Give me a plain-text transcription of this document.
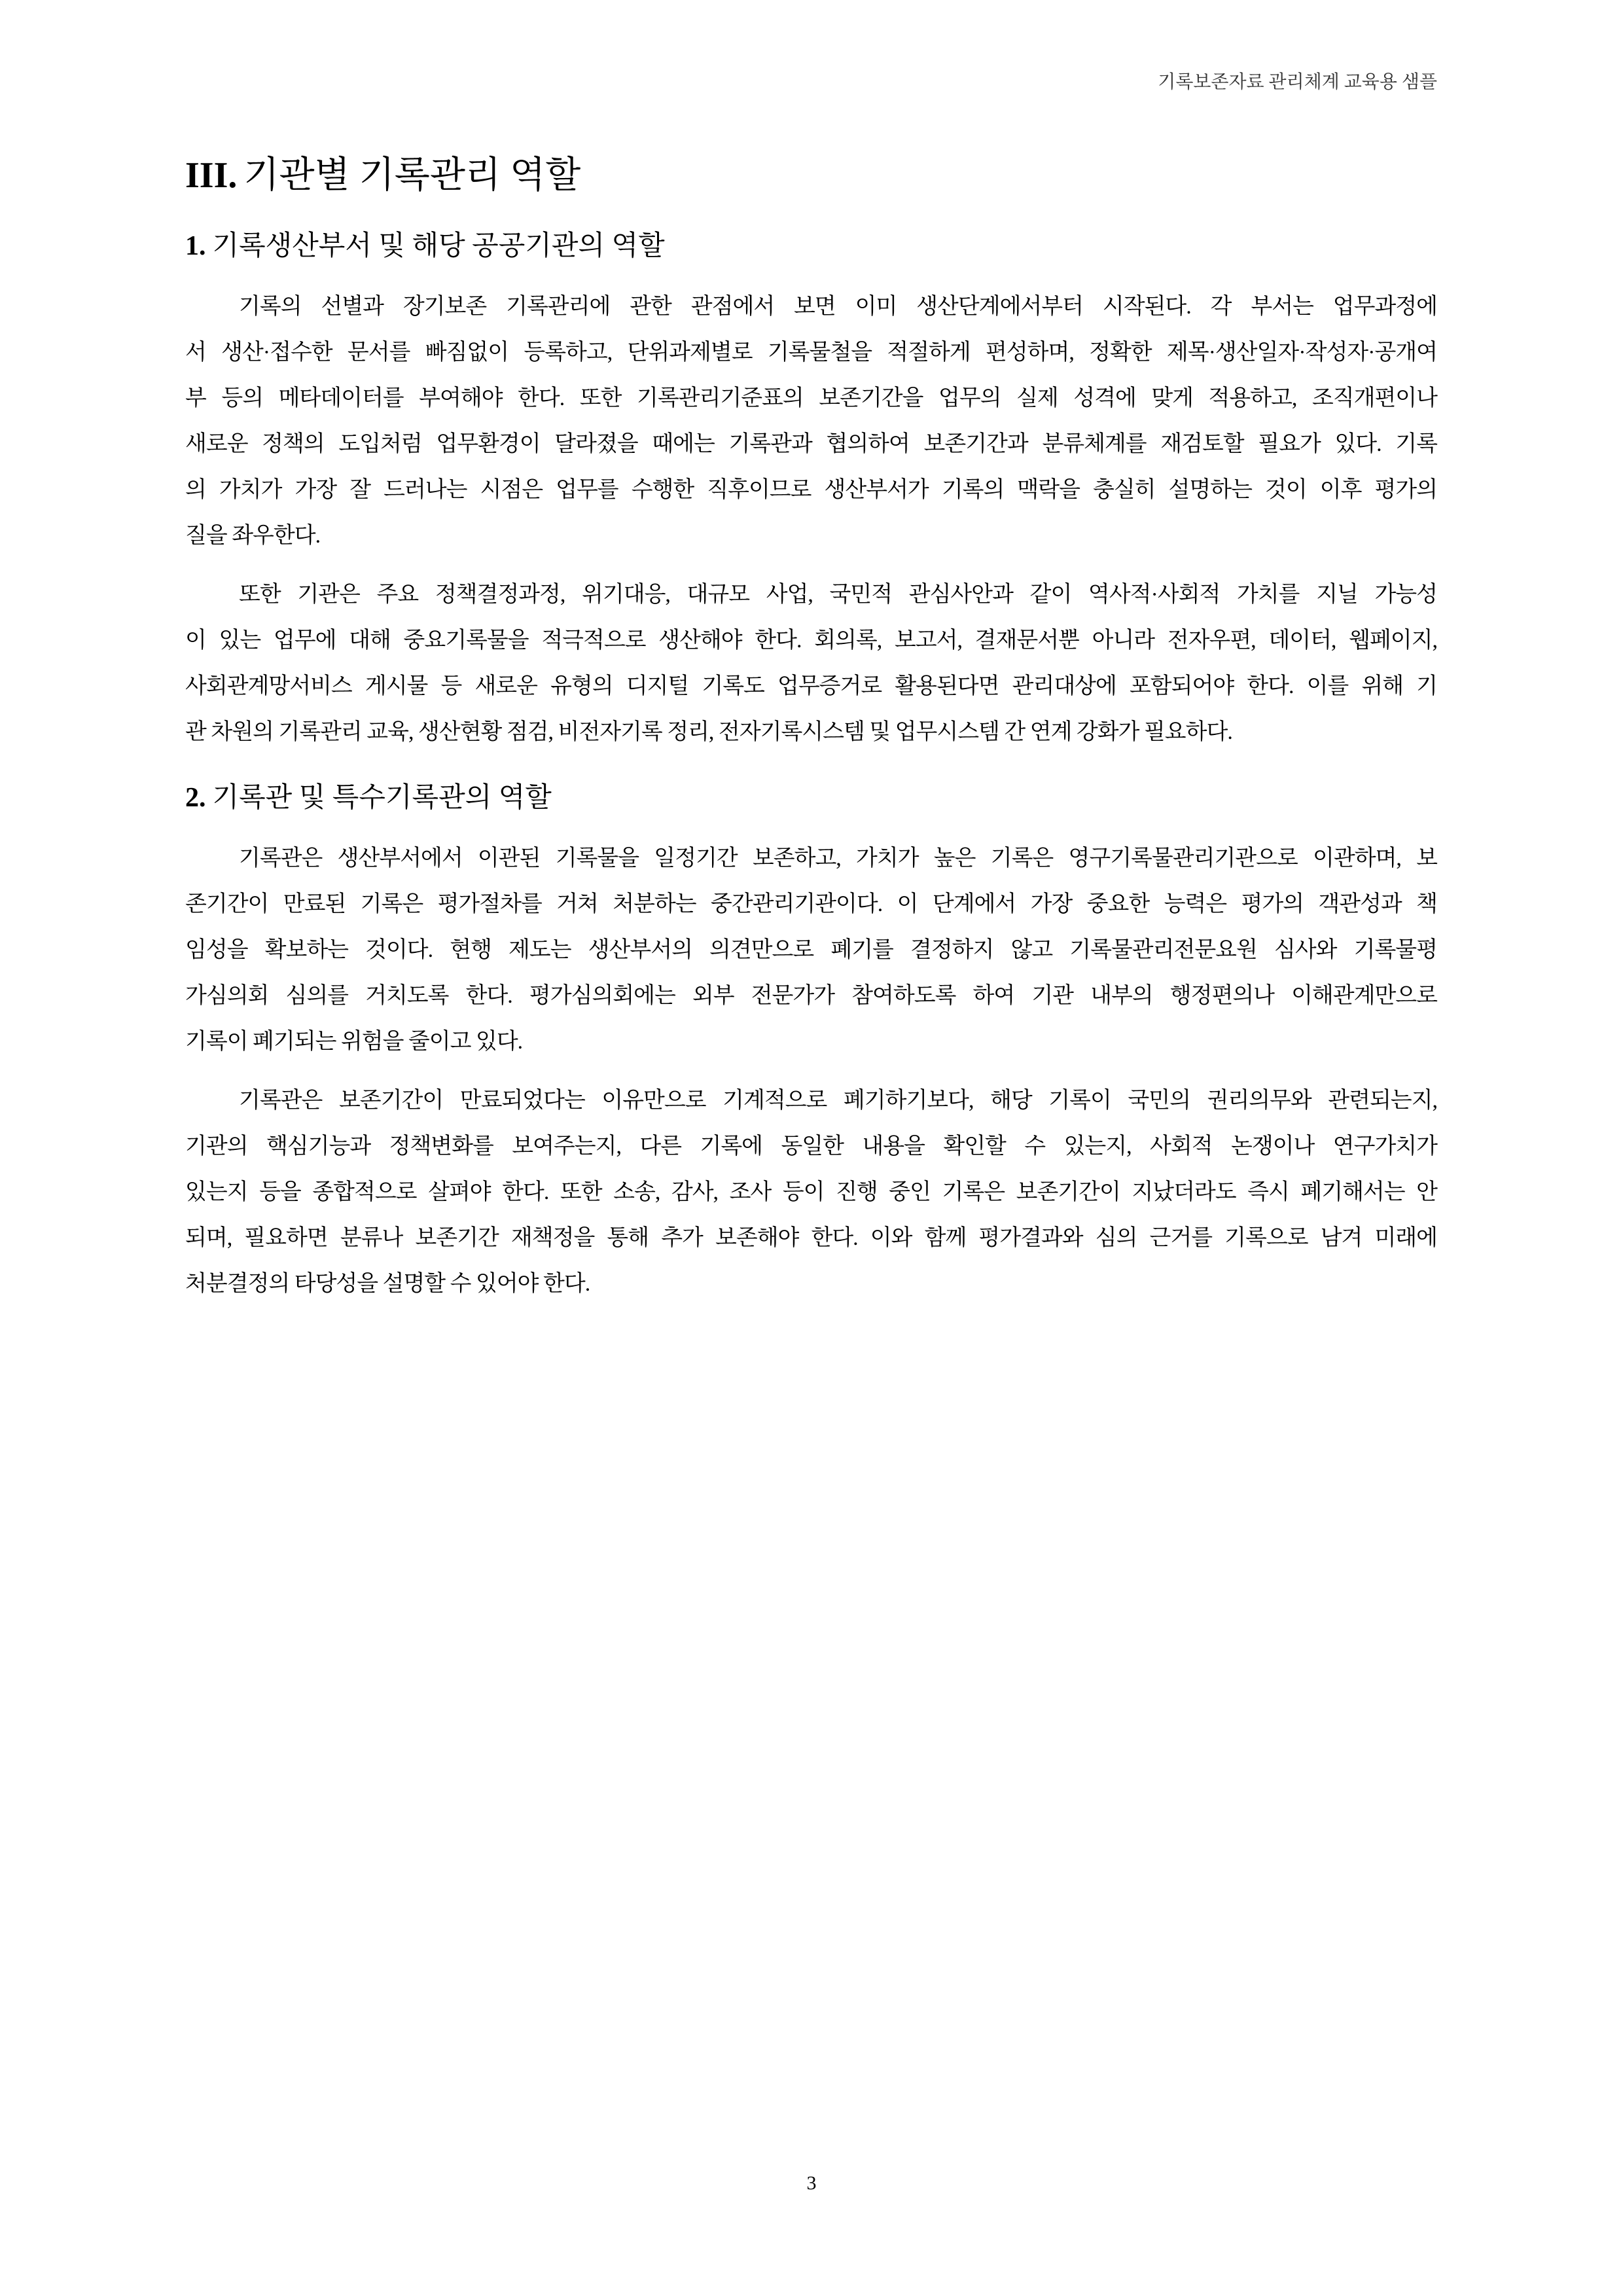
기록보존자료 관리체계 교육용 샘플
III. 기관별 기록관리 역할
1. 기록생산부서 및 해당 공공기관의 역할
기록의 선별과 장기보존 기록관리에 관한 관점에서 보면 이미 생산단계에서부터 시작된다. 각 부서는 업무과정에
서 생산·접수한 문서를 빠짐없이 등록하고, 단위과제별로 기록물철을 적절하게 편성하며, 정확한 제목·생산일자·작성자·공개여
부 등의 메타데이터를 부여해야 한다. 또한 기록관리기준표의 보존기간을 업무의 실제 성격에 맞게 적용하고, 조직개편이나
새로운 정책의 도입처럼 업무환경이 달라졌을 때에는 기록관과 협의하여 보존기간과 분류체계를 재검토할 필요가 있다. 기록
의 가치가 가장 잘 드러나는 시점은 업무를 수행한 직후이므로 생산부서가 기록의 맥락을 충실히 설명하는 것이 이후 평가의
질을 좌우한다.
또한 기관은 주요 정책결정과정, 위기대응, 대규모 사업, 국민적 관심사안과 같이 역사적·사회적 가치를 지닐 가능성
이 있는 업무에 대해 중요기록물을 적극적으로 생산해야 한다. 회의록, 보고서, 결재문서뿐 아니라 전자우편, 데이터, 웹페이지,
사회관계망서비스 게시물 등 새로운 유형의 디지털 기록도 업무증거로 활용된다면 관리대상에 포함되어야 한다. 이를 위해 기
관 차원의 기록관리 교육, 생산현황 점검, 비전자기록 정리, 전자기록시스템 및 업무시스템 간 연계 강화가 필요하다.
2. 기록관 및 특수기록관의 역할
기록관은 생산부서에서 이관된 기록물을 일정기간 보존하고, 가치가 높은 기록은 영구기록물관리기관으로 이관하며, 보
존기간이 만료된 기록은 평가절차를 거쳐 처분하는 중간관리기관이다. 이 단계에서 가장 중요한 능력은 평가의 객관성과 책
임성을 확보하는 것이다. 현행 제도는 생산부서의 의견만으로 폐기를 결정하지 않고 기록물관리전문요원 심사와 기록물평
가심의회 심의를 거치도록 한다. 평가심의회에는 외부 전문가가 참여하도록 하여 기관 내부의 행정편의나 이해관계만으로
기록이 폐기되는 위험을 줄이고 있다.
기록관은 보존기간이 만료되었다는 이유만으로 기계적으로 폐기하기보다, 해당 기록이 국민의 권리의무와 관련되는지,
기관의 핵심기능과 정책변화를 보여주는지, 다른 기록에 동일한 내용을 확인할 수 있는지, 사회적 논쟁이나 연구가치가
있는지 등을 종합적으로 살펴야 한다. 또한 소송, 감사, 조사 등이 진행 중인 기록은 보존기간이 지났더라도 즉시 폐기해서는 안
되며, 필요하면 분류나 보존기간 재책정을 통해 추가 보존해야 한다. 이와 함께 평가결과와 심의 근거를 기록으로 남겨 미래에
처분결정의 타당성을 설명할 수 있어야 한다.
3
